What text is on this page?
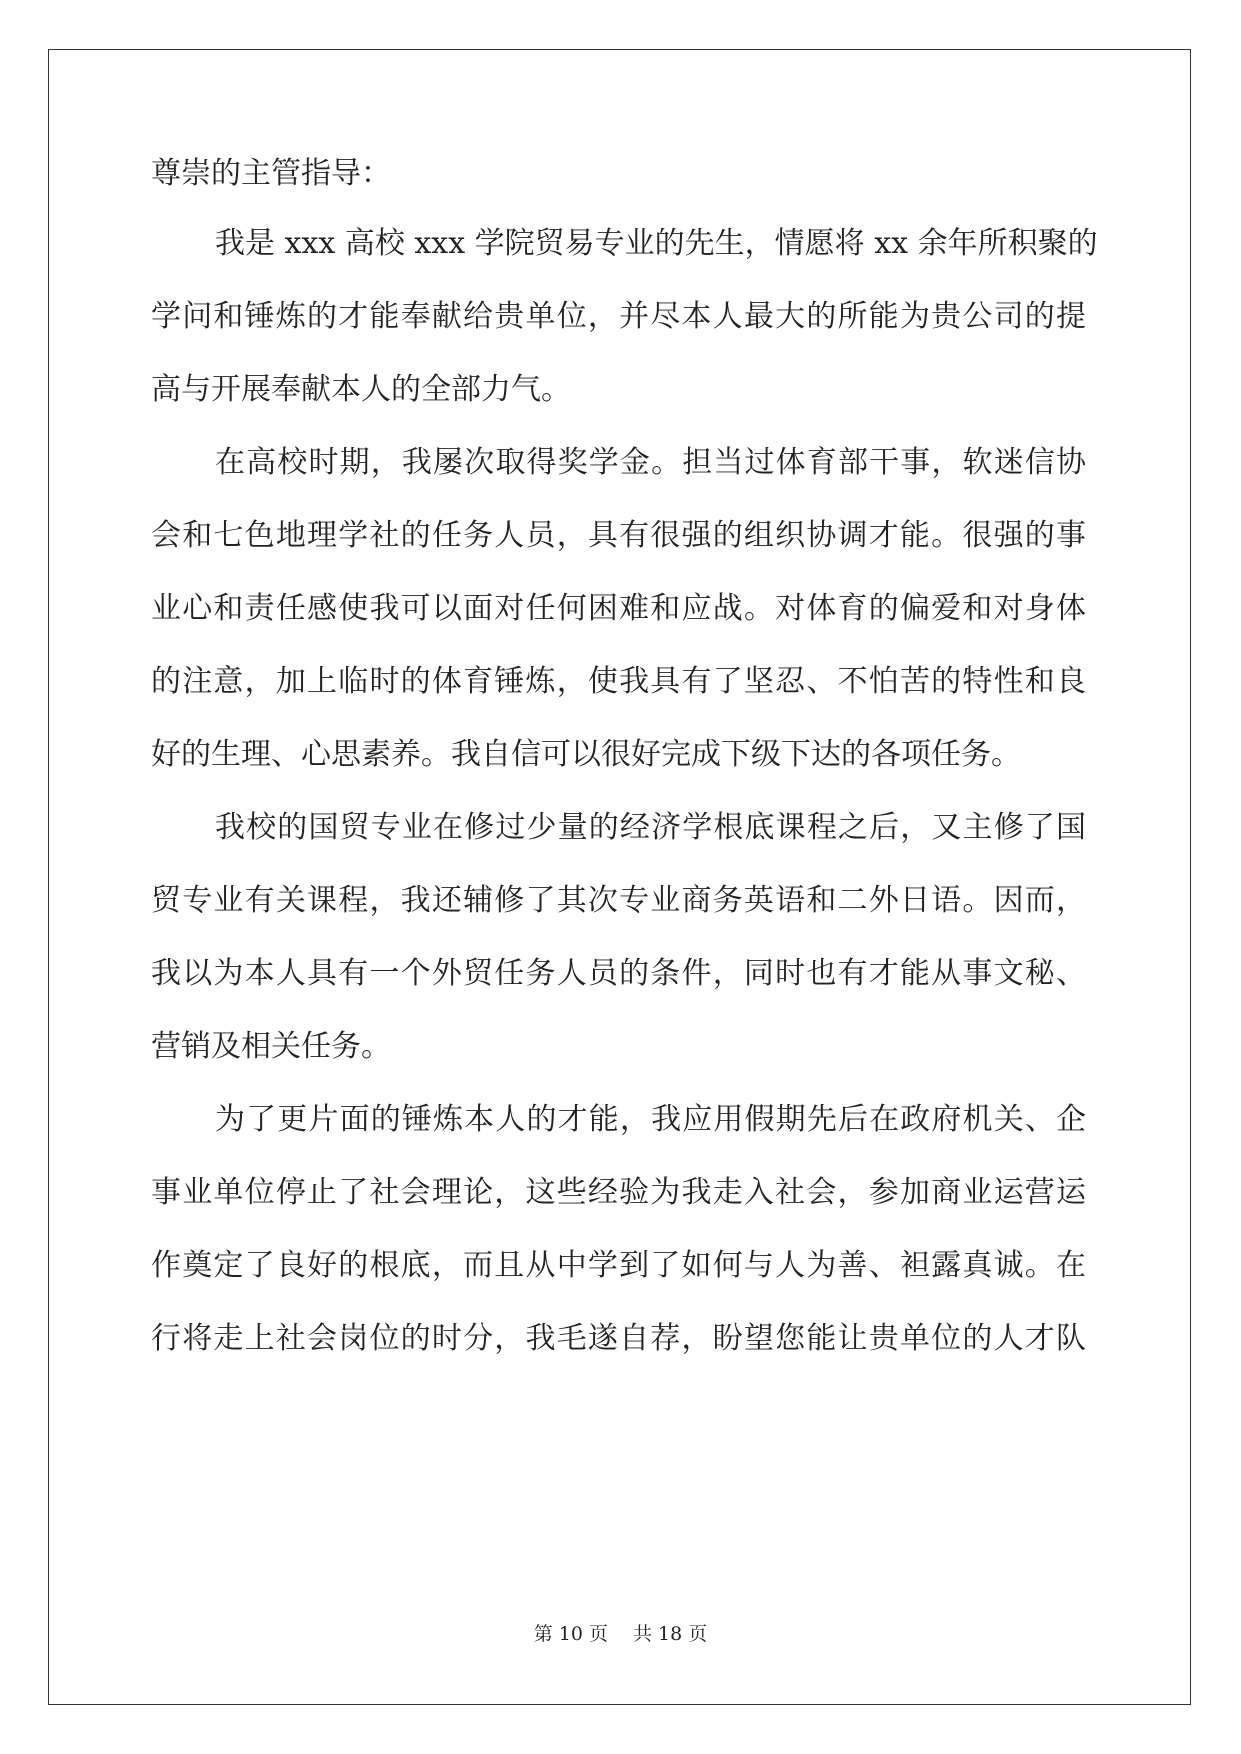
尊崇的主管指导：
我是 xxx 高校 xxx 学院贸易专业的先生，情愿将 xx 余年所积聚的
学问和锤炼的才能奉献给贵单位，并尽本人最大的所能为贵公司的提
高与开展奉献本人的全部力气。
在高校时期，我屡次取得奖学金。担当过体育部干事，软迷信协
会和七色地理学社的任务人员，具有很强的组织协调才能。很强的事
业心和责任感使我可以面对任何困难和应战。对体育的偏爱和对身体
的注意，加上临时的体育锤炼，使我具有了坚忍、不怕苦的特性和良
好的生理、心思素养。我自信可以很好完成下级下达的各项任务。
我校的国贸专业在修过少量的经济学根底课程之后，又主修了国
贸专业有关课程，我还辅修了其次专业商务英语和二外日语。因而，
我以为本人具有一个外贸任务人员的条件，同时也有才能从事文秘、
营销及相关任务。
为了更片面的锤炼本人的才能，我应用假期先后在政府机关、企
事业单位停止了社会理论，这些经验为我走入社会，参加商业运营运
作奠定了良好的根底，而且从中学到了如何与人为善、袒露真诚。在
行将走上社会岗位的时分，我毛遂自荐，盼望您能让贵单位的人才队
第 10 页　 共 18 页
